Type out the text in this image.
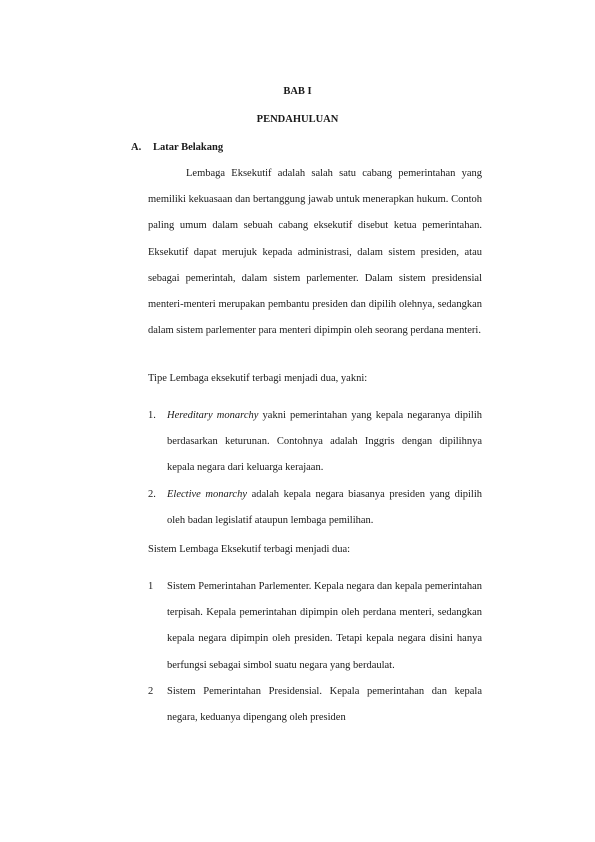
BAB I
PENDAHULUAN
A. Latar Belakang
Lembaga Eksekutif adalah salah satu cabang pemerintahan yang memiliki kekuasaan dan bertanggung jawab untuk menerapkan hukum. Contoh paling umum dalam sebuah cabang eksekutif disebut ketua pemerintahan. Eksekutif dapat merujuk kepada administrasi, dalam sistem presiden, atau sebagai pemerintah, dalam sistem parlementer. Dalam sistem presidensial menteri-menteri merupakan pembantu presiden dan dipilih olehnya, sedangkan dalam sistem parlementer para menteri dipimpin oleh seorang perdana menteri.
Tipe Lembaga eksekutif terbagi menjadi dua, yakni:
1. Hereditary monarchy yakni pemerintahan yang kepala negaranya dipilih berdasarkan keturunan. Contohnya adalah Inggris dengan dipilihnya kepala negara dari keluarga kerajaan.
2. Elective monarchy adalah kepala negara biasanya presiden yang dipilih oleh badan legislatif ataupun lembaga pemilihan.
Sistem Lembaga Eksekutif terbagi menjadi dua:
1 Sistem Pemerintahan Parlementer. Kepala negara dan kepala pemerintahan terpisah. Kepala pemerintahan dipimpin oleh perdana menteri, sedangkan kepala negara dipimpin oleh presiden. Tetapi kepala negara disini hanya berfungsi sebagai simbol suatu negara yang berdaulat.
2 Sistem Pemerintahan Presidensial. Kepala pemerintahan dan kepala negara, keduanya dipengang oleh presiden
